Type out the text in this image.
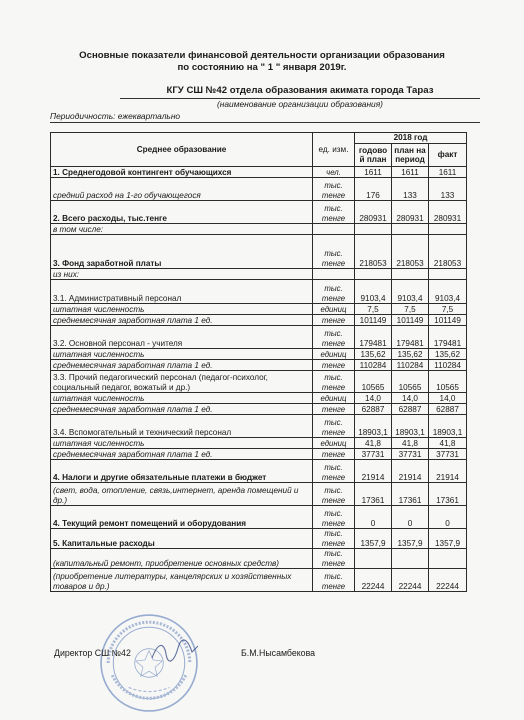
Основные показатели финансовой деятельности организации образования
по состоянию на " 1 " января 2019г.
КГУ СШ №42 отдела образования акимата города Тараз
(наименование организации образования)
Периодичность: ежеквартально
Среднее образование	ед. изм.	2018 год		
		годово й план	план на период	факт
1. Среднегодовой контингент обучающихся	чел.	1611	1611	1611
средний расход на 1-го обучающегося	тыс. тенге	176	133	133
2. Всего расходы, тыс.тенге	тыс. тенге	280931	280931	280931
в том числе:				
3. Фонд заработной платы	тыс. тенге	218053	218053	218053
из них:				
3.1. Административный персонал	тыс. тенге	9103,4	9103,4	9103,4
штатная численность	единиц	7,5	7,5	7,5
среднемесячная заработная плата 1 ед.	тенге	101149	101149	101149
3.2. Основной персонал - учителя	тыс. тенге	179481	179481	179481
штатная численность	единиц	135,62	135,62	135,62
среднемесячная заработная плата 1 ед.	тенге	110284	110284	110284
3.3. Прочий педагогический персонал (педагог-психолог, социальный педагог, вожатый и др.)	тыс. тенге	10565	10565	10565
штатная численность	единиц	14,0	14,0	14,0
среднемесячная заработная плата 1 ед.	тенге	62887	62887	62887
3.4. Вспомогательный и технический персонал	тыс. тенге	18903,1	18903,1	18903,1
штатная численность	единиц	41,8	41,8	41,8
среднемесячная заработная плата 1 ед.	тенге	37731	37731	37731
4. Налоги и другие обязательные платежи в бюджет	тыс. тенге	21914	21914	21914
(свет, вода, отопление, связь,интернет, аренда помещений и др.)	тыс. тенге	17361	17361	17361
4. Текущий ремонт помещений и оборудования	тыс. тенге	0	0	0
5. Капитальные расходы	тыс. тенге	1357,9	1357,9	1357,9
(капитальный ремонт, приобретение основных средств)	тыс. тенге			
(приобретение литературы, канцелярских и хозяйственных товаров и др.)	тыс. тенге	22244	22244	22244
Директор СШ №42	Б.М.Нысамбекова
